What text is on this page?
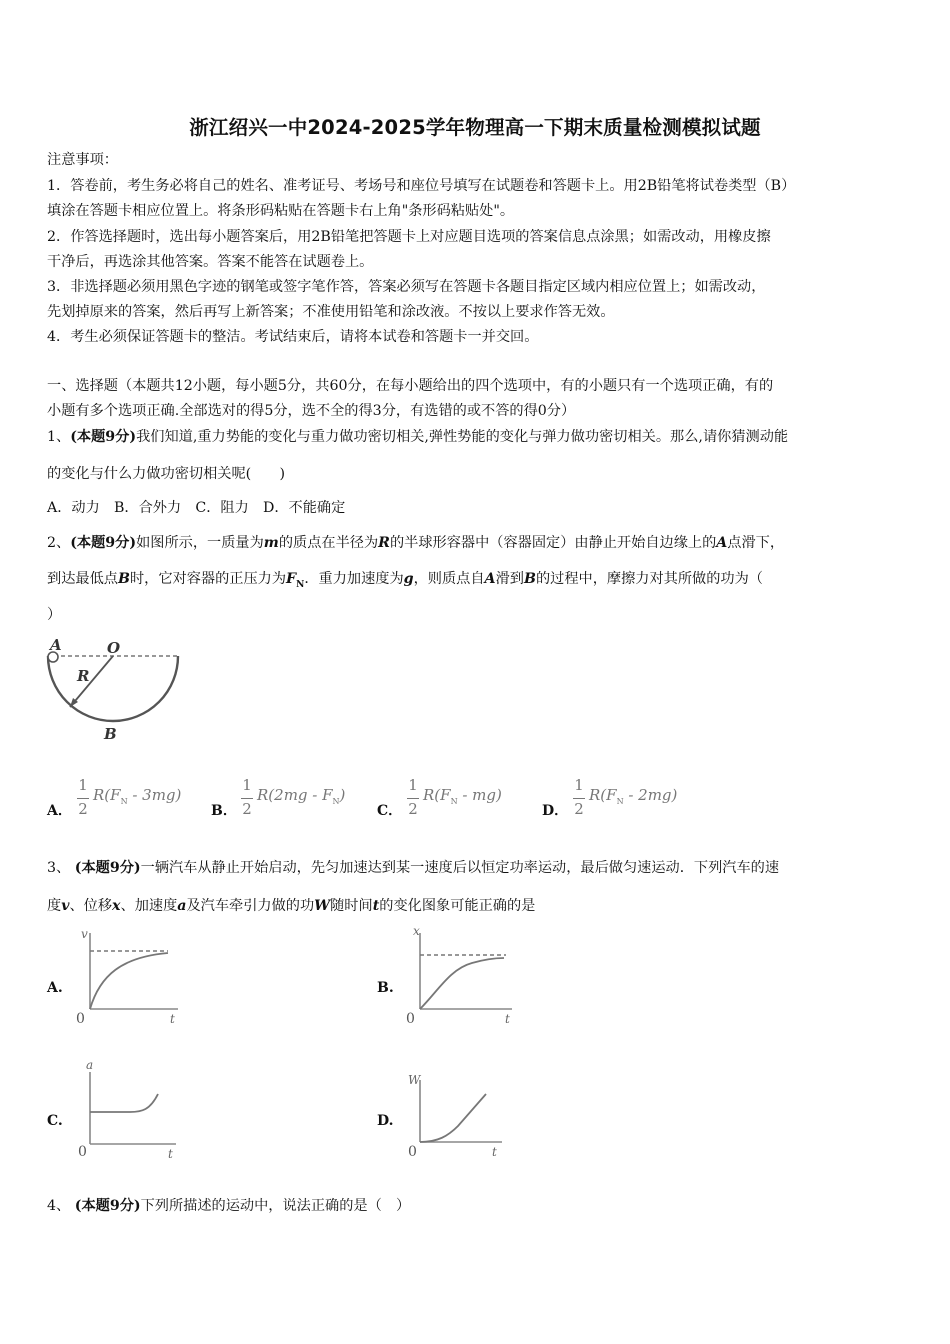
浙江绍兴一中2024-2025学年物理高一下期末质量检测模拟试题
注意事项：
1．答卷前，考生务必将自己的姓名、准考证号、考场号和座位号填写在试题卷和答题卡上。用2B铅笔将试卷类型（B）
填涂在答题卡相应位置上。将条形码粘贴在答题卡右上角"条形码粘贴处"。
2．作答选择题时，选出每小题答案后，用2B铅笔把答题卡上对应题目选项的答案信息点涂黑；如需改动，用橡皮擦
干净后，再选涂其他答案。答案不能答在试题卷上。
3．非选择题必须用黑色字迹的钢笔或签字笔作答，答案必须写在答题卡各题目指定区域内相应位置上；如需改动，
先划掉原来的答案，然后再写上新答案；不准使用铅笔和涂改液。不按以上要求作答无效。
4．考生必须保证答题卡的整洁。考试结束后，请将本试卷和答题卡一并交回。
一、选择题（本题共12小题，每小题5分，共60分，在每小题给出的四个选项中，有的小题只有一个选项正确，有的
小题有多个选项正确.全部选对的得5分，选不全的得3分，有选错的或不答的得0分）
1、(本题9分)我们知道,重力势能的变化与重力做功密切相关,弹性势能的变化与弹力做功密切相关。那么,请你猜测动能
的变化与什么力做功密切相关呢(　　)
A．动力　B．合外力　C．阻力　D．不能确定
2、(本题9分)如图所示，一质量为m的质点在半径为R的半球形容器中（容器固定）由静止开始自边缘上的A点滑下，
到达最低点B时，它对容器的正压力为$F_N$．重力加速度为g，则质点自A滑到B的过程中，摩擦力对其所做的功为（
）
A	O
R
B
A．
1
2
$R(F_N - 3mg)$
B．
1
2
$R(2mg - F_N)$
C．
1
2
$R(F_N - mg)$
D．
1
2
$R(F_N - 2mg)$
3、 (本题9分)一辆汽车从静止开始启动，先匀加速达到某一速度后以恒定功率运动，最后做匀速运动．下列汽车的速
度v、位移x、加速度a及汽车牵引力做的功W随时间t的变化图象可能正确的是
A.
v
t
0
B.
x
t
0
C.
a
t
0
D.
W
t
0
4、 (本题9分)下列所描述的运动中，说法正确的是（　）
